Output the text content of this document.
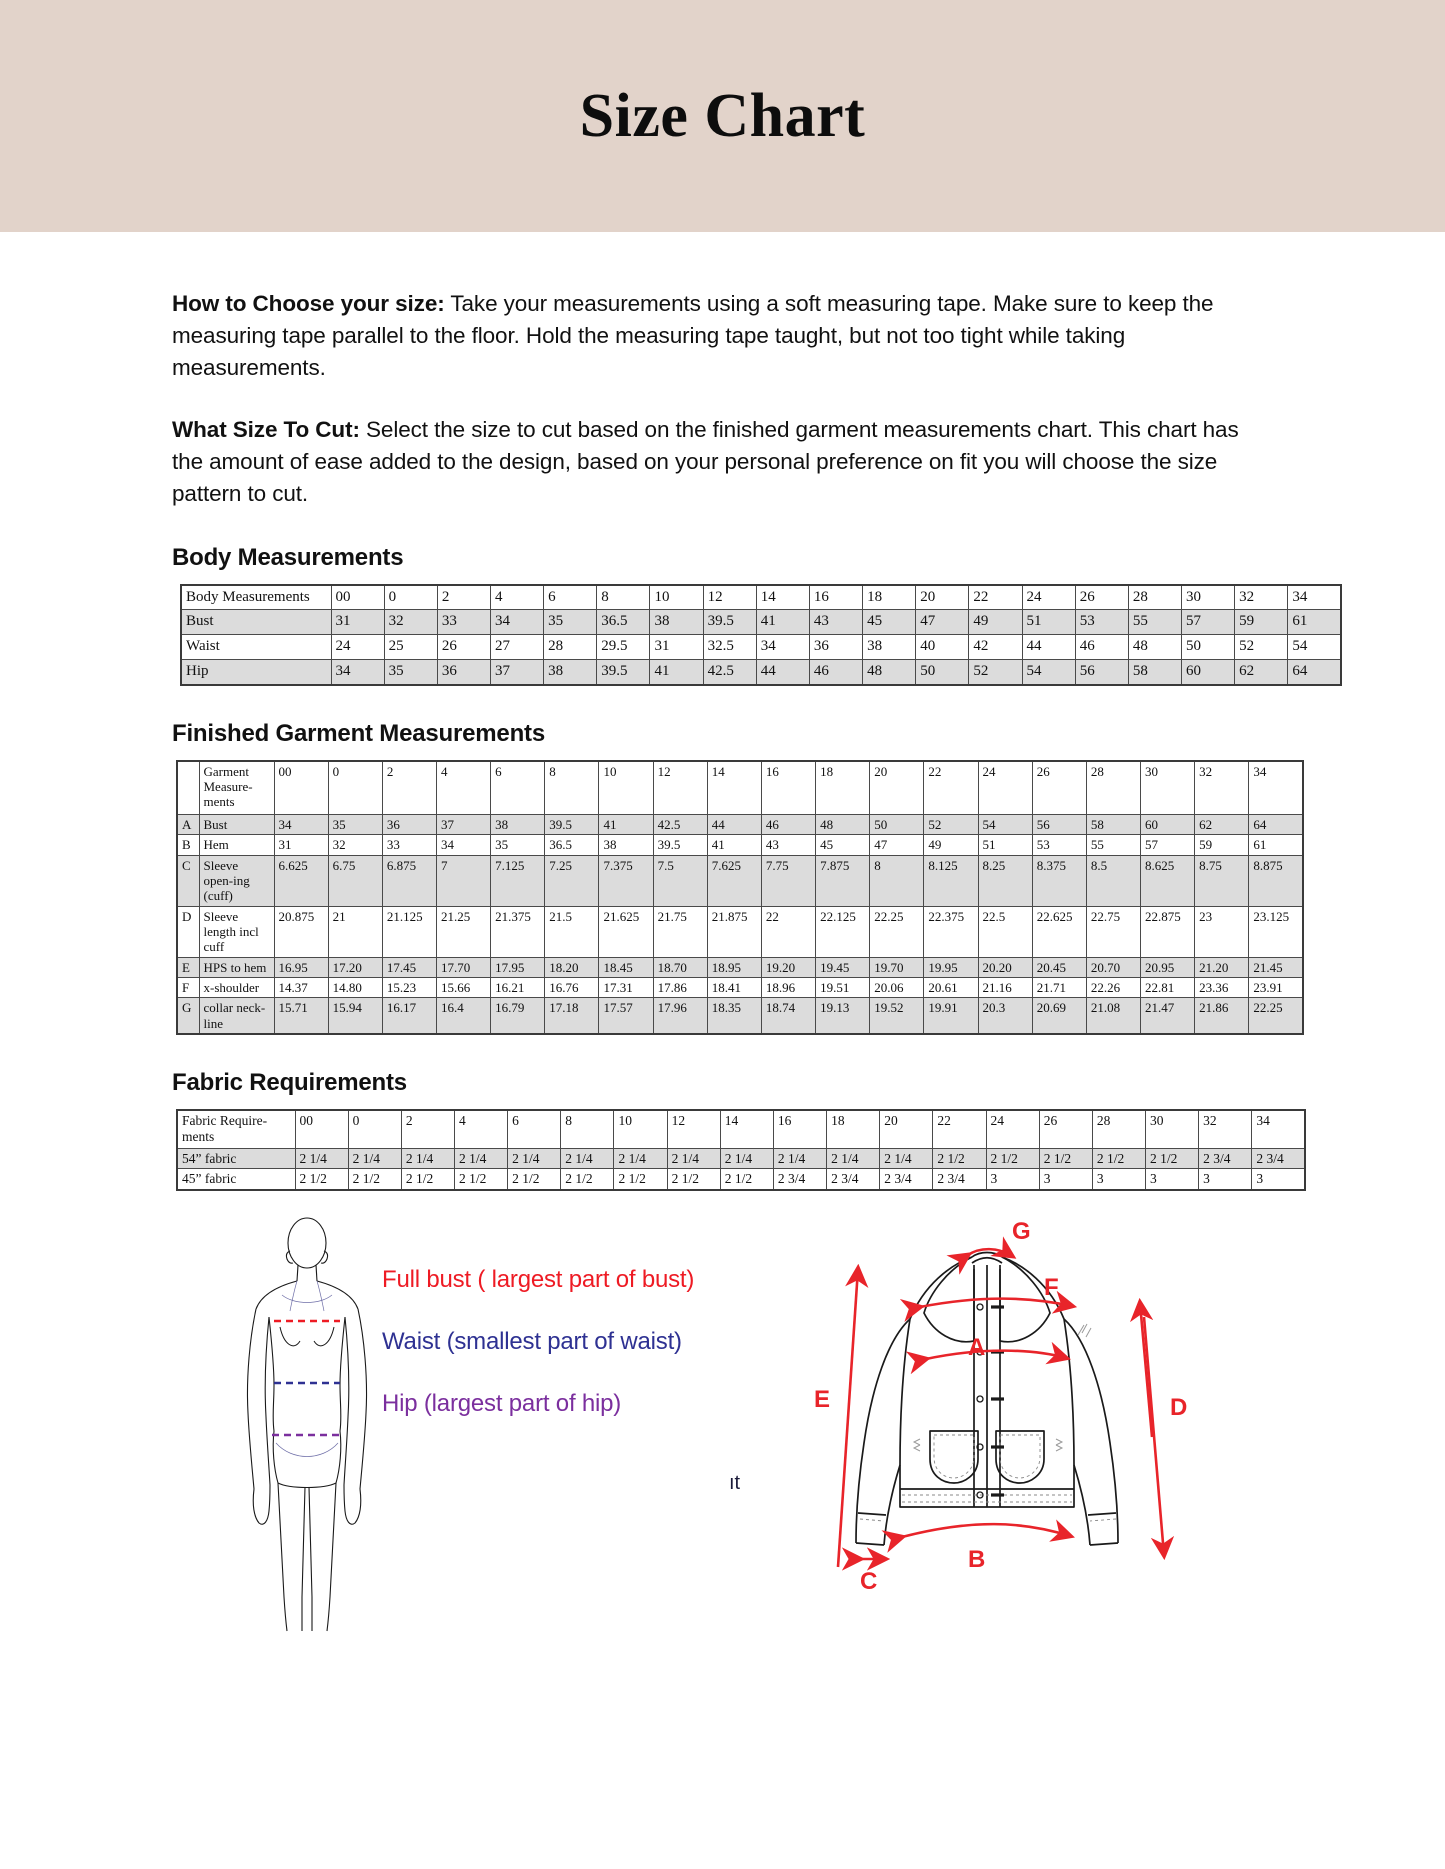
Size Chart

How to Choose your size: Take your measurements using a soft measuring tape. Make sure to keep the measuring tape parallel to the floor. Hold the measuring tape taught, but not too tight while taking measurements.

What Size To Cut: Select the size to cut based on the finished garment measurements chart. This chart has the amount of ease added to the design, based on your personal preference on fit you will choose the size pattern to cut.

Body Measurements
Body Measurements	00	0	2	4	6	8	10	12	14	16	18	20	22	24	26	28	30	32	34
Bust	31	32	33	34	35	36.5	38	39.5	41	43	45	47	49	51	53	55	57	59	61
Waist	24	25	26	27	28	29.5	31	32.5	34	36	38	40	42	44	46	48	50	52	54
Hip	34	35	36	37	38	39.5	41	42.5	44	46	48	50	52	54	56	58	60	62	64
Finished Garment Measurements
	Garment Measure-ments	00	0	2	4	6	8	10	12	14	16	18	20	22	24	26	28	30	32	34
A	Bust	34	35	36	37	38	39.5	41	42.5	44	46	48	50	52	54	56	58	60	62	64
B	Hem	31	32	33	34	35	36.5	38	39.5	41	43	45	47	49	51	53	55	57	59	61
C	Sleeve open-ing (cuff)	6.625	6.75	6.875	7	7.125	7.25	7.375	7.5	7.625	7.75	7.875	8	8.125	8.25	8.375	8.5	8.625	8.75	8.875
D	Sleeve length incl cuff	20.875	21	21.125	21.25	21.375	21.5	21.625	21.75	21.875	22	22.125	22.25	22.375	22.5	22.625	22.75	22.875	23	23.125
E	HPS to hem	16.95	17.20	17.45	17.70	17.95	18.20	18.45	18.70	18.95	19.20	19.45	19.70	19.95	20.20	20.45	20.70	20.95	21.20	21.45
F	x-shoulder	14.37	14.80	15.23	15.66	16.21	16.76	17.31	17.86	18.41	18.96	19.51	20.06	20.61	21.16	21.71	22.26	22.81	23.36	23.91
G	collar neck-line	15.71	15.94	16.17	16.4	16.79	17.18	17.57	17.96	18.35	18.74	19.13	19.52	19.91	20.3	20.69	21.08	21.47	21.86	22.25
Fabric Requirements
Fabric Require-ments	00	0	2	4	6	8	10	12	14	16	18	20	22	24	26	28	30	32	34
54” fabric	2 1/4	2 1/4	2 1/4	2 1/4	2 1/4	2 1/4	2 1/4	2 1/4	2 1/4	2 1/4	2 1/4	2 1/4	2 1/2	2 1/2	2 1/2	2 1/2	2 1/2	2 3/4	2 3/4
45” fabric	2 1/2	2 1/2	2 1/2	2 1/2	2 1/2	2 1/2	2 1/2	2 1/2	2 1/2	2 3/4	2 3/4	2 3/4	2 3/4	3	3	3	3	3	3
Full bust ( largest part of bust)
Waist (smallest part of waist)
Hip (largest part of hip)
ıt
G
F
A
B
C
E	D
